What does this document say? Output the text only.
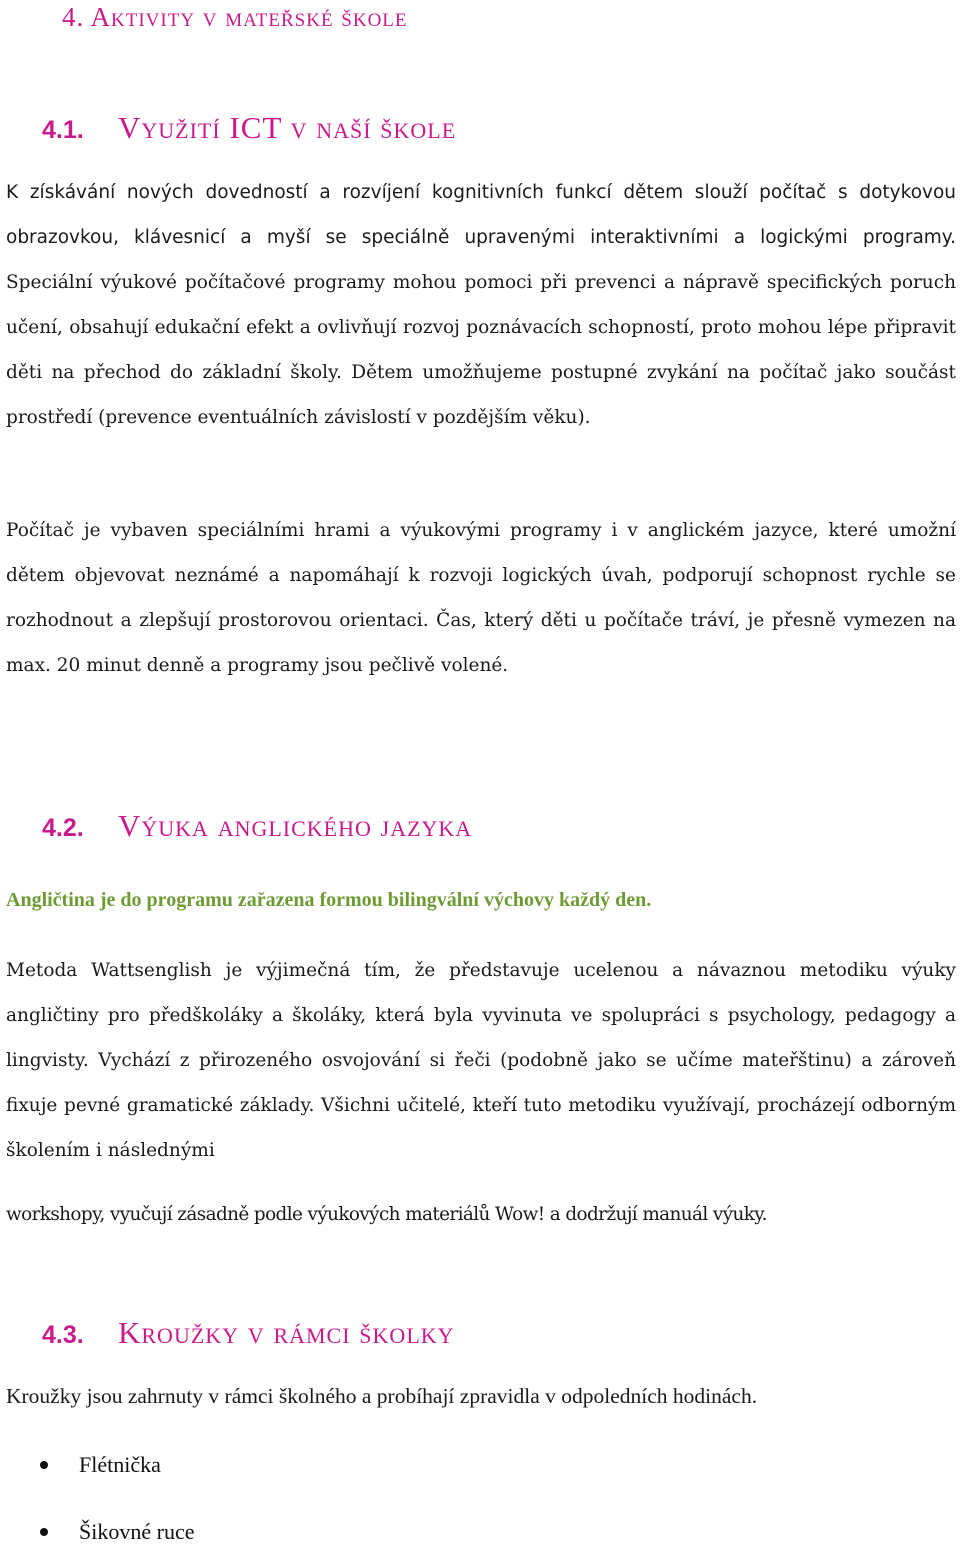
4. Aktivity v mateřské škole
4.1.	Využití ICT v naší škole
K získávání nových dovedností a rozvíjení kognitivních funkcí dětem slouží počítač s dotykovou obrazovkou, klávesnicí a myší se speciálně upravenými interaktivními a logickými programy. Speciální výukové počítačové programy mohou pomoci při prevenci a nápravě specifických poruch učení, obsahují edukační efekt a ovlivňují rozvoj poznávacích schopností, proto mohou lépe připravit děti na přechod do základní školy. Dětem umožňujeme postupné zvykání na počítač jako součást prostředí (prevence eventuálních závislostí v pozdějším věku).
Počítač je vybaven speciálními hrami a výukovými programy i v anglickém jazyce, které umožní dětem objevovat neznámé a napomáhají k rozvoji logických úvah, podporují schopnost rychle se rozhodnout a zlepšují prostorovou orientaci. Čas, který děti u počítače tráví, je přesně vymezen na max. 20 minut denně a programy jsou pečlivě volené.
4.2.	Výuka anglického jazyka
Angličtina je do programu zařazena formou bilingvální výchovy každý den.
Metoda Wattsenglish je výjimečná tím, že představuje ucelenou a návaznou metodiku výuky angličtiny pro předškoláky a školáky, která byla vyvinuta ve spolupráci s psychology, pedagogy a lingvisty. Vychází z přirozeného osvojování si řeči (podobně jako se učíme mateřštinu) a zároveň fixuje pevné gramatické základy. Všichni učitelé, kteří tuto metodiku využívají, procházejí odborným školením i následnými
workshopy, vyučují zásadně podle výukových materiálů Wow! a dodržují manuál výuky.
4.3.	Kroužky v rámci školky
Kroužky jsou zahrnuty v rámci školného a probíhají zpravidla v odpoledních hodinách.
Flétnička
Šikovné ruce
